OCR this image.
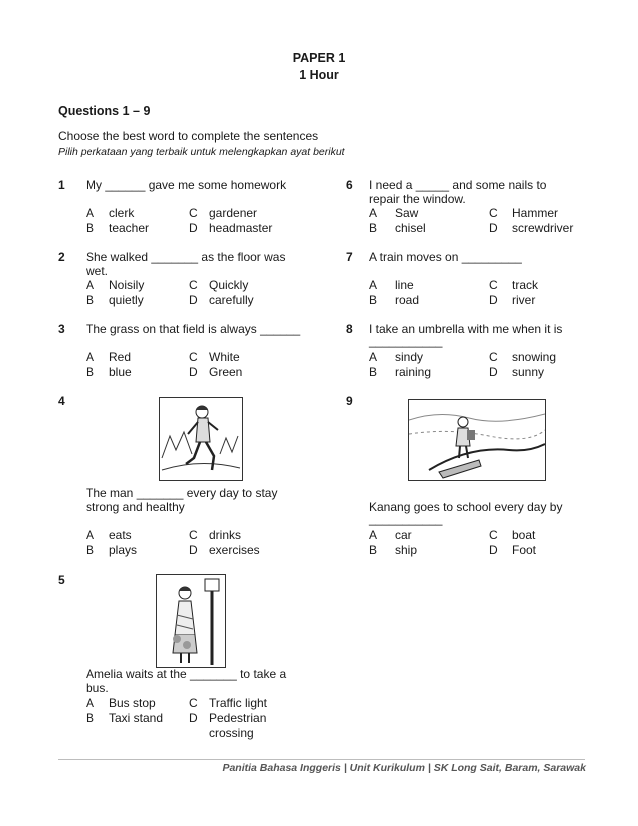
PAPER 1
1 Hour
Questions 1 – 9
Choose the best word to complete the sentences
Pilih perkataan yang terbaik untuk melengkapkan ayat berikut
1 My ______ gave me some homework
A clerk	C gardener
B teacher	D headmaster
2 She walked _______ as the floor was
wet.
A Noisily	C Quickly
B quietly	D carefully
3 The grass on that field is always ______
A Red	C White
B blue	D Green
4
The man _______ every day to stay
strong and healthy
A eats	C drinks
B plays	D exercises
5
Amelia waits at the _______ to take a
bus.
A Bus stop	C Traffic light
B Taxi stand D Pedestrian
crossing
6 I need a _____ and some nails to
repair the window.
A Saw	C Hammer
B chisel	D screwdriver
7 A train moves on _________
A line	C track
B road	D river
8 I take an umbrella with me when it is
___________
A sindy	C snowing
B raining	D sunny
9
Kanang goes to school every day by
___________
A car	C boat
B ship	D Foot
Panitia Bahasa Inggeris | Unit Kurikulum | SK Long Sait, Baram, Sarawak
